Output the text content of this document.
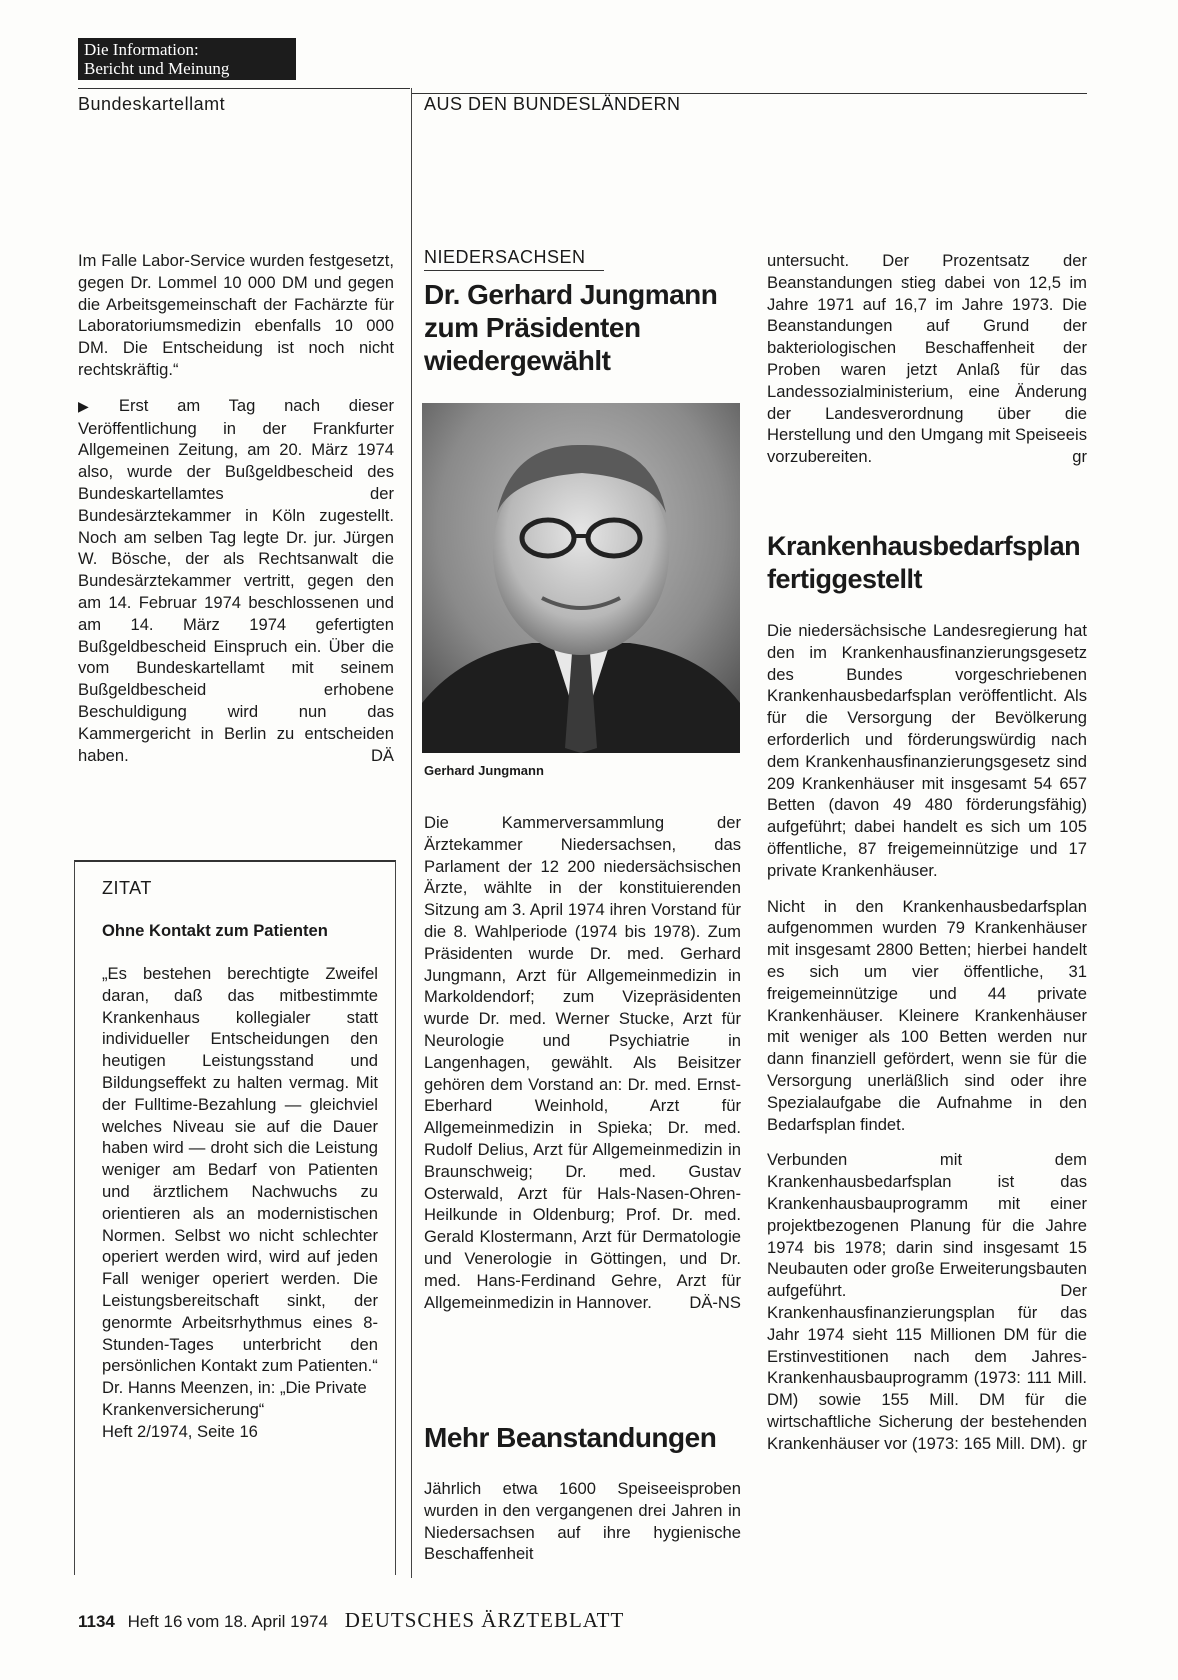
Die Information:
Bericht und Meinung
Bundeskartellamt	AUS DEN BUNDESLÄNDERN

Im Falle Labor-Service wurden festgesetzt, gegen Dr. Lommel 10 000 DM und gegen die Arbeitsgemeinschaft der Fachärzte für Laboratoriumsmedizin ebenfalls 10 000 DM. Die Entscheidung ist noch nicht rechtskräftig.“

▶ Erst am Tag nach dieser Veröffentlichung in der Frankfurter Allgemeinen Zeitung, am 20. März 1974 also, wurde der Bußgeldbescheid des Bundeskartellamtes der Bundesärztekammer in Köln zugestellt. Noch am selben Tag legte Dr. jur. Jürgen W. Bösche, der als Rechtsanwalt die Bundesärztekammer vertritt, gegen den am 14. Februar 1974 beschlossenen und am 14. März 1974 gefertigten Bußgeldbescheid Einspruch ein. Über die vom Bundeskartellamt mit seinem Bußgeldbescheid erhobene Beschuldigung wird nun das Kammergericht in Berlin zu entscheiden haben.	DÄ

ZITAT
Ohne Kontakt zum Patienten
„Es bestehen berechtigte Zweifel daran, daß das mitbestimmte Krankenhaus kollegialer statt individueller Entscheidungen den heutigen Leistungsstand und Bildungseffekt zu halten vermag. Mit der Fulltime-Bezahlung — gleichviel welches Niveau sie auf die Dauer haben wird — droht sich die Leistung weniger am Bedarf von Patienten und ärztlichem Nachwuchs zu orientieren als an modernistischen Normen. Selbst wo nicht schlechter operiert werden wird, wird auf jeden Fall weniger operiert werden. Die Leistungsbereitschaft sinkt, der genormte Arbeitsrhythmus eines 8-Stunden-Tages unterbricht den persönlichen Kontakt zum Patienten.“
Dr. Hanns Meenzen, in: „Die Private Krankenversicherung“
Heft 2/1974, Seite 16
NIEDERSACHSEN
Dr. Gerhard Jungmann zum Präsidenten wiedergewählt
Gerhard Jungmann

Die Kammerversammlung der Ärztekammer Niedersachsen, das Parlament der 12 200 niedersächsischen Ärzte, wählte in der konstituierenden Sitzung am 3. April 1974 ihren Vorstand für die 8. Wahlperiode (1974 bis 1978). Zum Präsidenten wurde Dr. med. Gerhard Jungmann, Arzt für Allgemeinmedizin in Markoldendorf; zum Vizepräsidenten wurde Dr. med. Werner Stucke, Arzt für Neurologie und Psychiatrie in Langenhagen, gewählt. Als Beisitzer gehören dem Vorstand an: Dr. med. Ernst-Eberhard Weinhold, Arzt für Allgemeinmedizin in Spieka; Dr. med. Rudolf Delius, Arzt für Allgemeinmedizin in Braunschweig; Dr. med. Gustav Osterwald, Arzt für Hals-Nasen-Ohren-Heilkunde in Oldenburg; Prof. Dr. med. Gerald Klostermann, Arzt für Dermatologie und Venerologie in Göttingen, und Dr. med. Hans-Ferdinand Gehre, Arzt für Allgemeinmedizin in Hannover. DÄ-NS

Mehr Beanstandungen

Jährlich etwa 1600 Speiseeisproben wurden in den vergangenen drei Jahren in Niedersachsen auf ihre hygienische Beschaffenheit

untersucht. Der Prozentsatz der Beanstandungen stieg dabei von 12,5 im Jahre 1971 auf 16,7 im Jahre 1973. Die Beanstandungen auf Grund der bakteriologischen Beschaffenheit der Proben waren jetzt Anlaß für das Landessozialministerium, eine Änderung der Landesverordnung über die Herstellung und den Umgang mit Speiseeis vorzubereiten.	gr

Krankenhausbedarfsplan fertiggestellt

Die niedersächsische Landesregierung hat den im Krankenhausfinanzierungsgesetz des Bundes vorgeschriebenen Krankenhausbedarfsplan veröffentlicht. Als für die Versorgung der Bevölkerung erforderlich und förderungswürdig nach dem Krankenhausfinanzierungsgesetz sind 209 Krankenhäuser mit insgesamt 54 657 Betten (davon 49 480 förderungsfähig) aufgeführt; dabei handelt es sich um 105 öffentliche, 87 freigemeinnützige und 17 private Krankenhäuser.

Nicht in den Krankenhausbedarfsplan aufgenommen wurden 79 Krankenhäuser mit insgesamt 2800 Betten; hierbei handelt es sich um vier öffentliche, 31 freigemeinnützige und 44 private Krankenhäuser. Kleinere Krankenhäuser mit weniger als 100 Betten werden nur dann finanziell gefördert, wenn sie für die Versorgung unerläßlich sind oder ihre Spezialaufgabe die Aufnahme in den Bedarfsplan findet.

Verbunden mit dem Krankenhausbedarfsplan ist das Krankenhausbauprogramm mit einer projektbezogenen Planung für die Jahre 1974 bis 1978; darin sind insgesamt 15 Neubauten oder große Erweiterungsbauten aufgeführt. Der Krankenhausfinanzierungsplan für das Jahr 1974 sieht 115 Millionen DM für die Erstinvestitionen nach dem Jahres-Krankenhausbauprogramm (1973: 111 Mill. DM) sowie 155 Mill. DM für die wirtschaftliche Sicherung der bestehenden Krankenhäuser vor (1973: 165 Mill. DM). gr

1134 Heft 16 vom 18. April 1974 DEUTSCHES ÄRZTEBLATT
